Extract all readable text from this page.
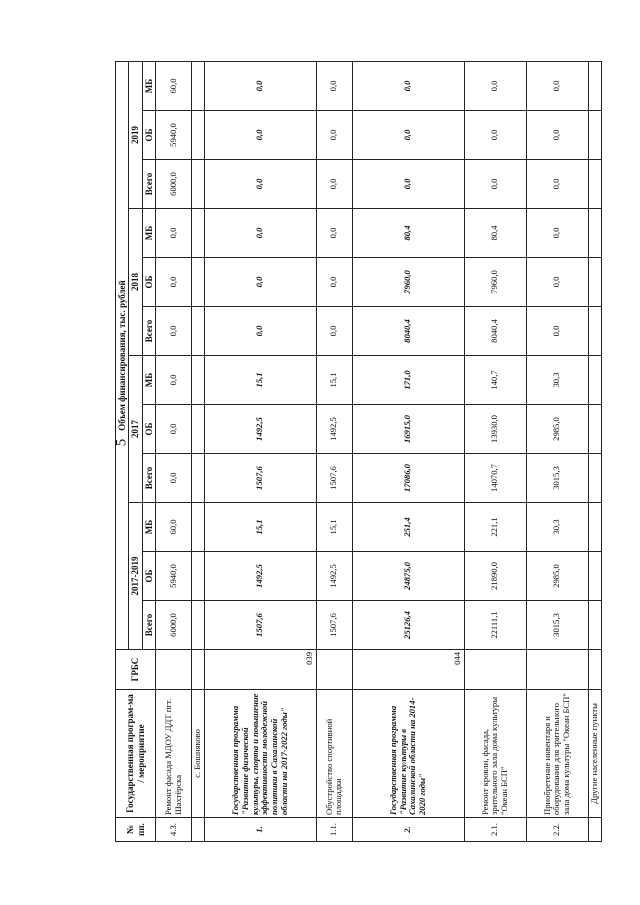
5
№ пп.	Государственная програм-ма / мероприятие	ГРБС	Объем финансирования, тыс. рублей											
			2017-2019			2017			2018			2019		
			Всего	ОБ	МБ	Всего	ОБ	МБ	Всего	ОБ	МБ	Всего	ОБ	МБ
4.3.	Ремонт фасада МДОУ ДДТ пгт. Шахтёрска		6000,0	5940,0	60,0	0,0	0,0	0,0	0,0	0,0	0,0	6000,0	5940,0	60,0
	с. Бошняково													
1.	Государственная программа "Развитие физической культуры, спорта и повышение эффективности молодежной политики в Сахалинской области на 2017-2022 годы"	039	1507,6	1492,5	15,1	1507,6	1492,5	15,1	0,0	0,0	0,0	0,0	0,0	0,0
1.1.	Обустройство спортивной площадки		1507,6	1492,5	15,1	1507,6	1492,5	15,1	0,0	0,0	0,0	0,0	0,0	0,0
2.	Государственная программа "Развитие культуры в Сахалинской области на 2014-2020 годы"	044	25126,4	24875,0	251,4	17086,0	16915,0	171,0	8040,4	7960,0	80,4	0,0	0,0	0,0
2.1.	Ремонт кровли, фасада, зрительного зала дома культуры "Океан БСП"		22111,1	21890,0	221,1	14070,7	13930,0	140,7	8040,4	7960,0	80,4	0,0	0,0	0,0
2.2.	Приобретение инвентаря и оборудования для зрительного зала дома культуры "Океан БСП"		3015,3	2985,0	30,3	3015,3	2985,0	30,3	0,0	0,0	0,0	0,0	0,0	0,0
	Другие населенные пункты													
